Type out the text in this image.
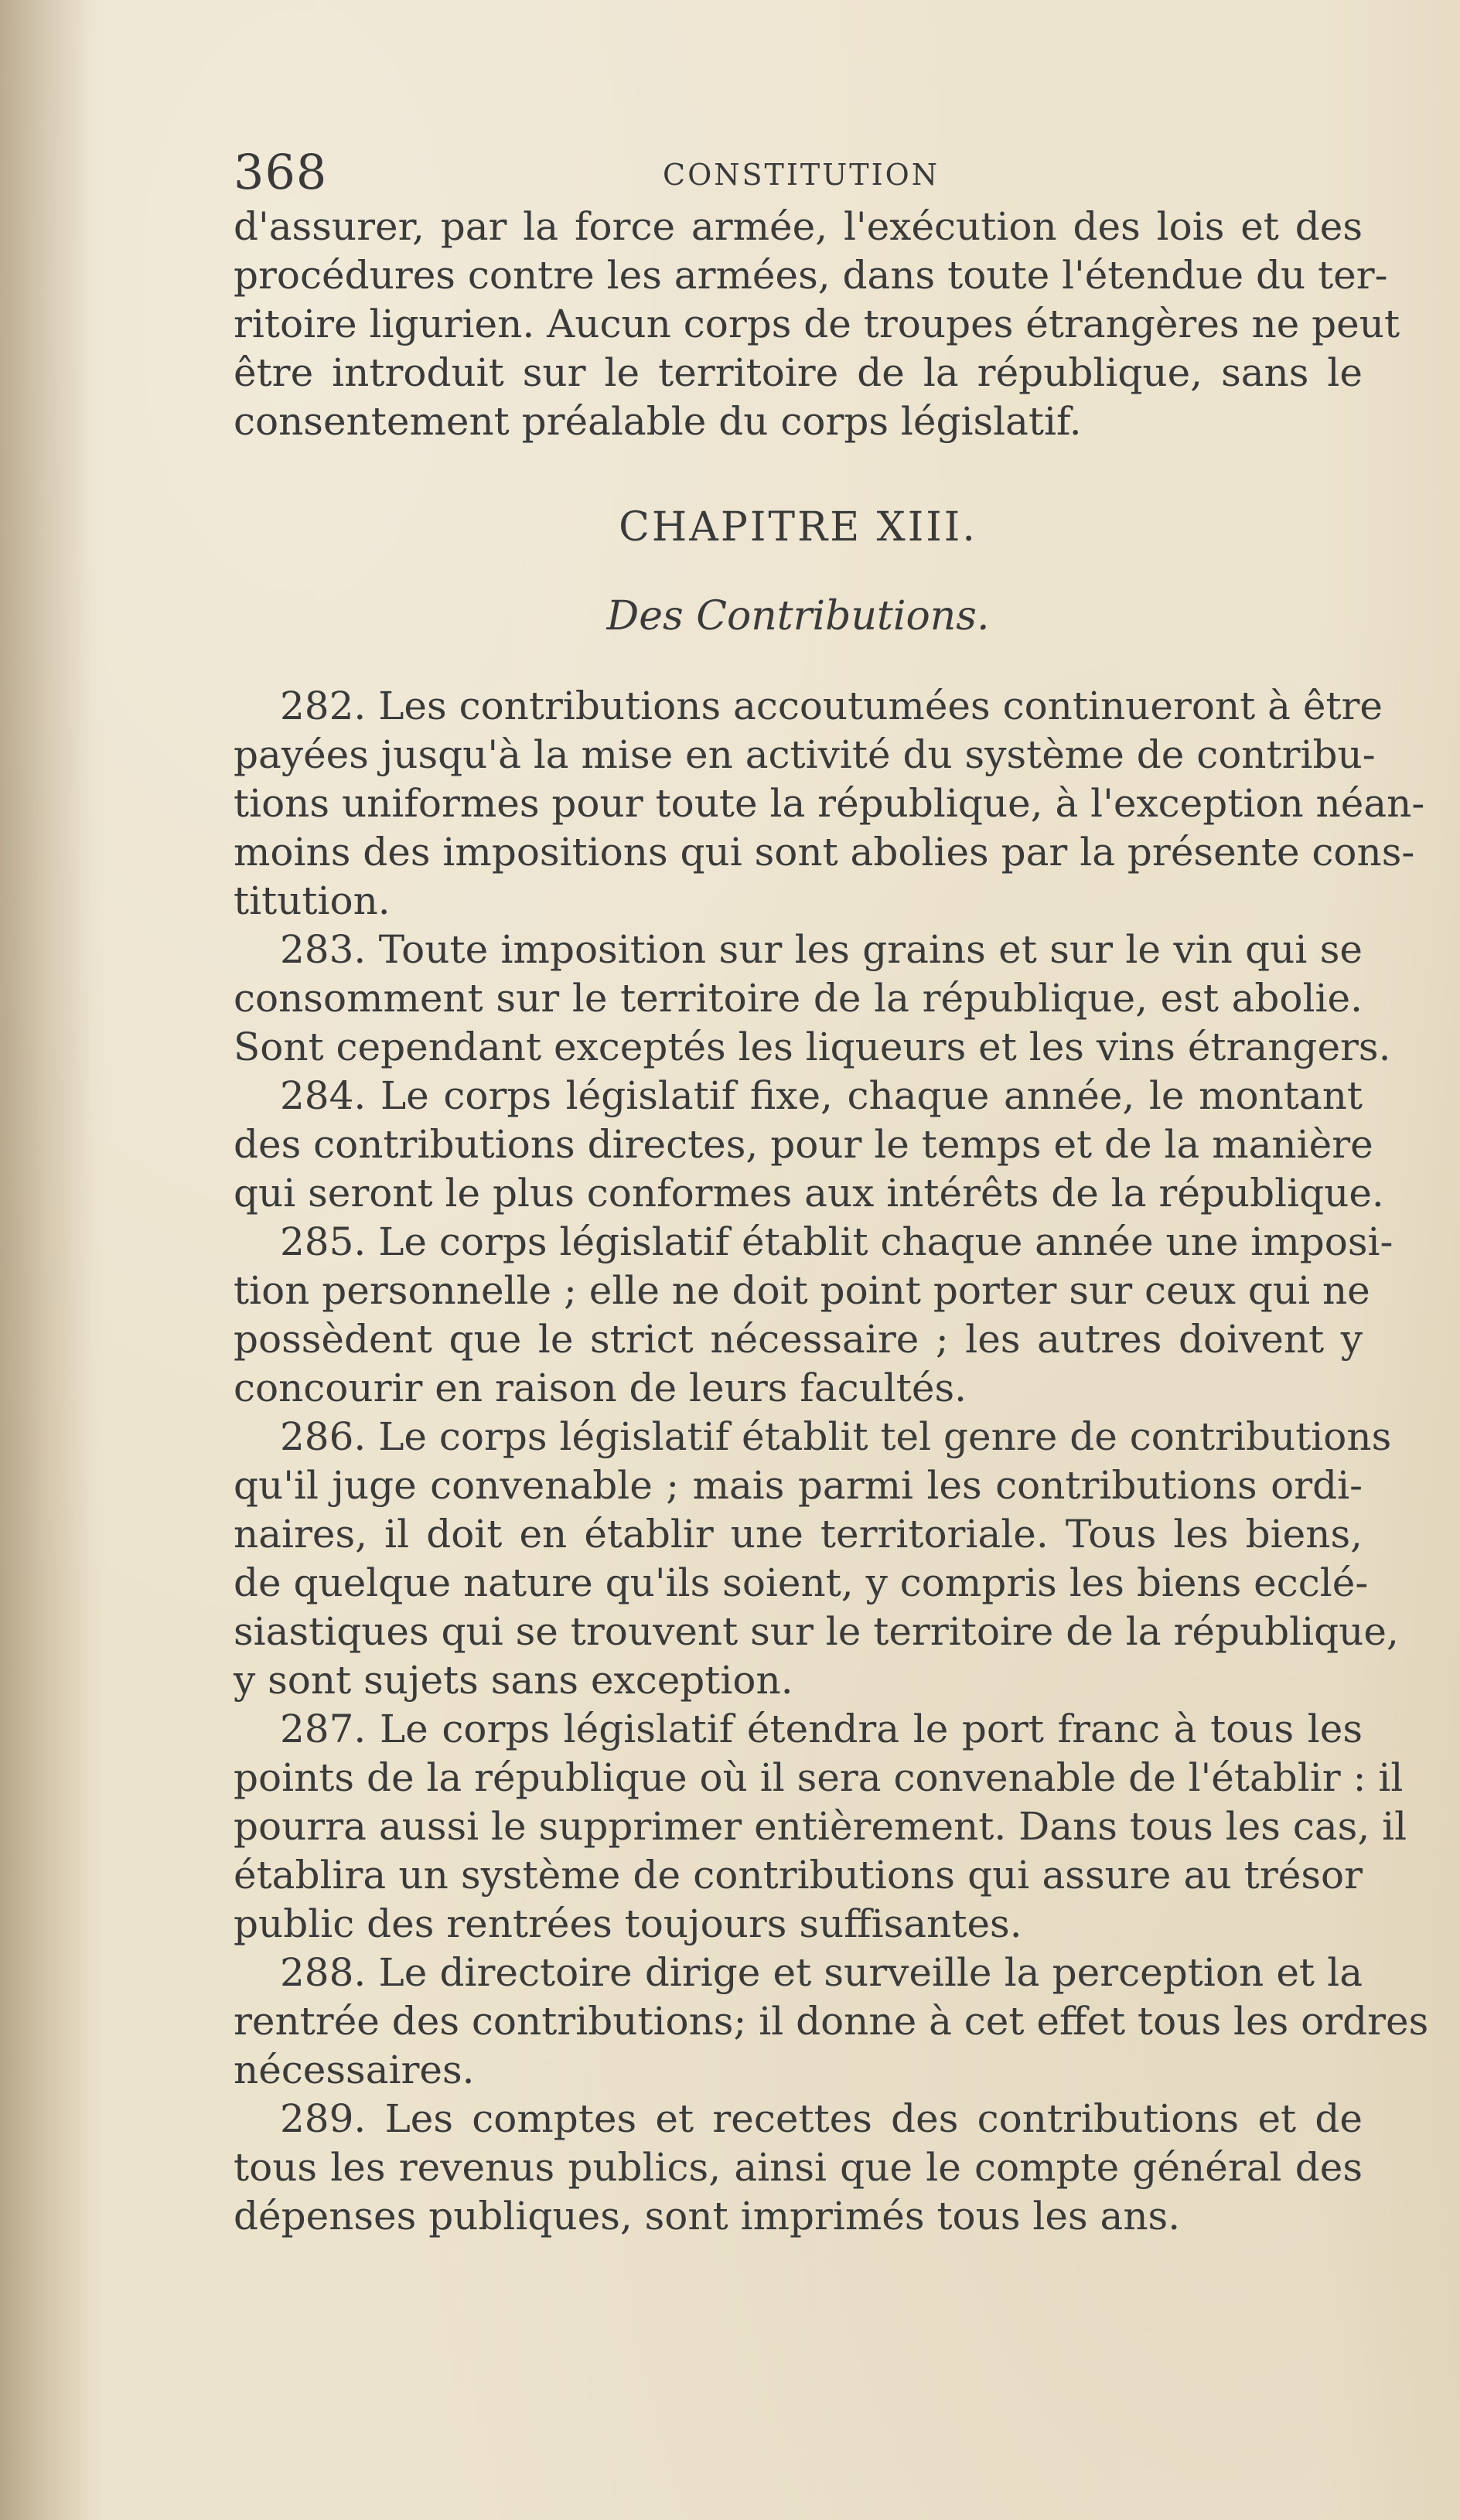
368	CONSTITUTION
d'assurer, par la force armée, l'exécution des lois et des
procédures contre les armées, dans toute l'étendue du ter-
ritoire ligurien. Aucun corps de troupes étrangères ne peut
être introduit sur le territoire de la république, sans le
consentement préalable du corps législatif.
CHAPITRE XIII.
Des Contributions.
282. Les contributions accoutumées continueront à être
payées jusqu'à la mise en activité du système de contribu-
tions uniformes pour toute la république, à l'exception néan-
moins des impositions qui sont abolies par la présente cons-
titution.
283. Toute imposition sur les grains et sur le vin qui se
consomment sur le territoire de la république, est abolie.
Sont cependant exceptés les liqueurs et les vins étrangers.
284. Le corps législatif fixe, chaque année, le montant
des contributions directes, pour le temps et de la manière
qui seront le plus conformes aux intérêts de la république.
285. Le corps législatif établit chaque année une imposi-
tion personnelle ; elle ne doit point porter sur ceux qui ne
possèdent que le strict nécessaire ; les autres doivent y
concourir en raison de leurs facultés.
286. Le corps législatif établit tel genre de contributions
qu'il juge convenable ; mais parmi les contributions ordi-
naires, il doit en établir une territoriale. Tous les biens,
de quelque nature qu'ils soient, y compris les biens ecclé-
siastiques qui se trouvent sur le territoire de la république,
y sont sujets sans exception.
287. Le corps législatif étendra le port franc à tous les
points de la république où il sera convenable de l'établir : il
pourra aussi le supprimer entièrement. Dans tous les cas, il
établira un système de contributions qui assure au trésor
public des rentrées toujours suffisantes.
288. Le directoire dirige et surveille la perception et la
rentrée des contributions; il donne à cet effet tous les ordres
nécessaires.
289. Les comptes et recettes des contributions et de
tous les revenus publics, ainsi que le compte général des
dépenses publiques, sont imprimés tous les ans.
